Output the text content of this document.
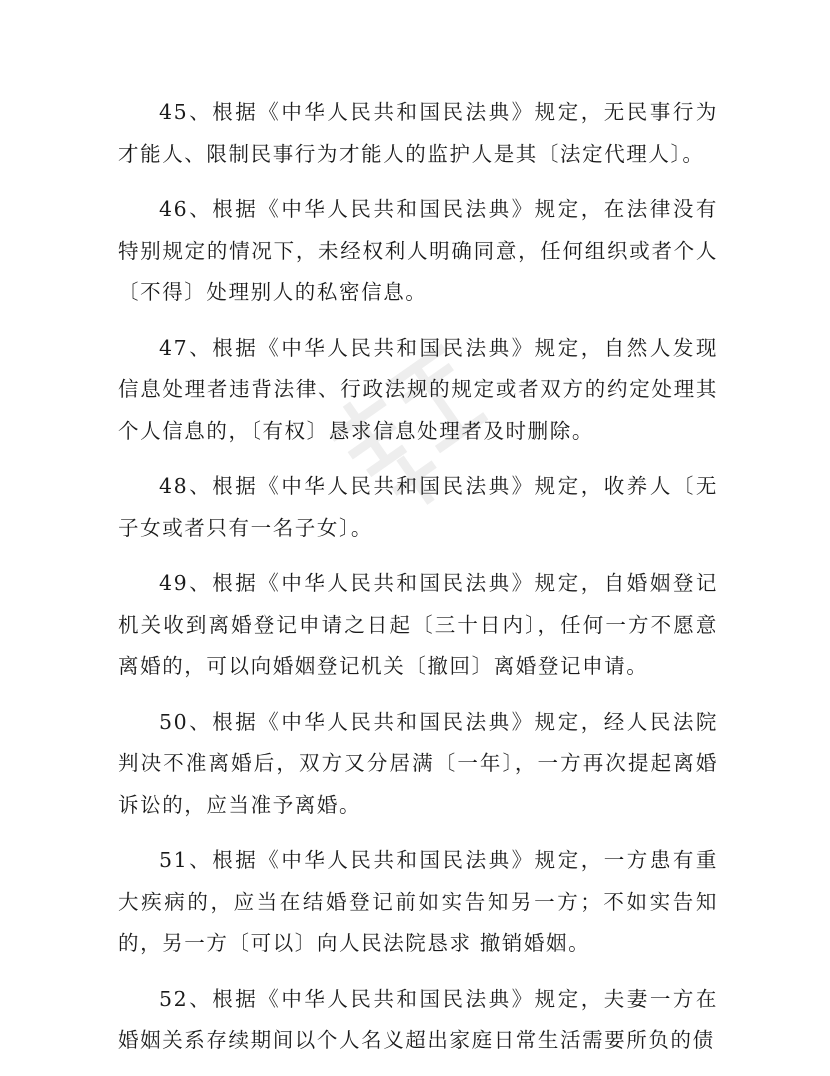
45、根据《中华人民共和国民法典》规定，无民事行为才能人、限制民事行为才能人的监护人是其〔法定代理人〕。

46、根据《中华人民共和国民法典》规定，在法律没有特别规定的情况下，未经权利人明确同意，任何组织或者个人〔不得〕处理别人的私密信息。

47、根据《中华人民共和国民法典》规定，自然人发现信息处理者违背法律、行政法规的规定或者双方的约定处理其个人信息的，〔有权〕恳求信息处理者及时删除。

48、根据《中华人民共和国民法典》规定，收养人〔无子女或者只有一名子女〕。

49、根据《中华人民共和国民法典》规定，自婚姻登记机关收到离婚登记申请之日起〔三十日内〕，任何一方不愿意离婚的，可以向婚姻登记机关〔撤回〕离婚登记申请。

50、根据《中华人民共和国民法典》规定，经人民法院判决不准离婚后，双方又分居满〔一年〕，一方再次提起离婚诉讼的，应当准予离婚。

51、根据《中华人民共和国民法典》规定，一方患有重大疾病的，应当在结婚登记前如实告知另一方；不如实告知的，另一方〔可以〕向人民法院恳求 撤销婚姻。

52、根据《中华人民共和国民法典》规定，夫妻一方在婚姻关系存续期间以个人名义超出家庭日常生活需要所负的债
